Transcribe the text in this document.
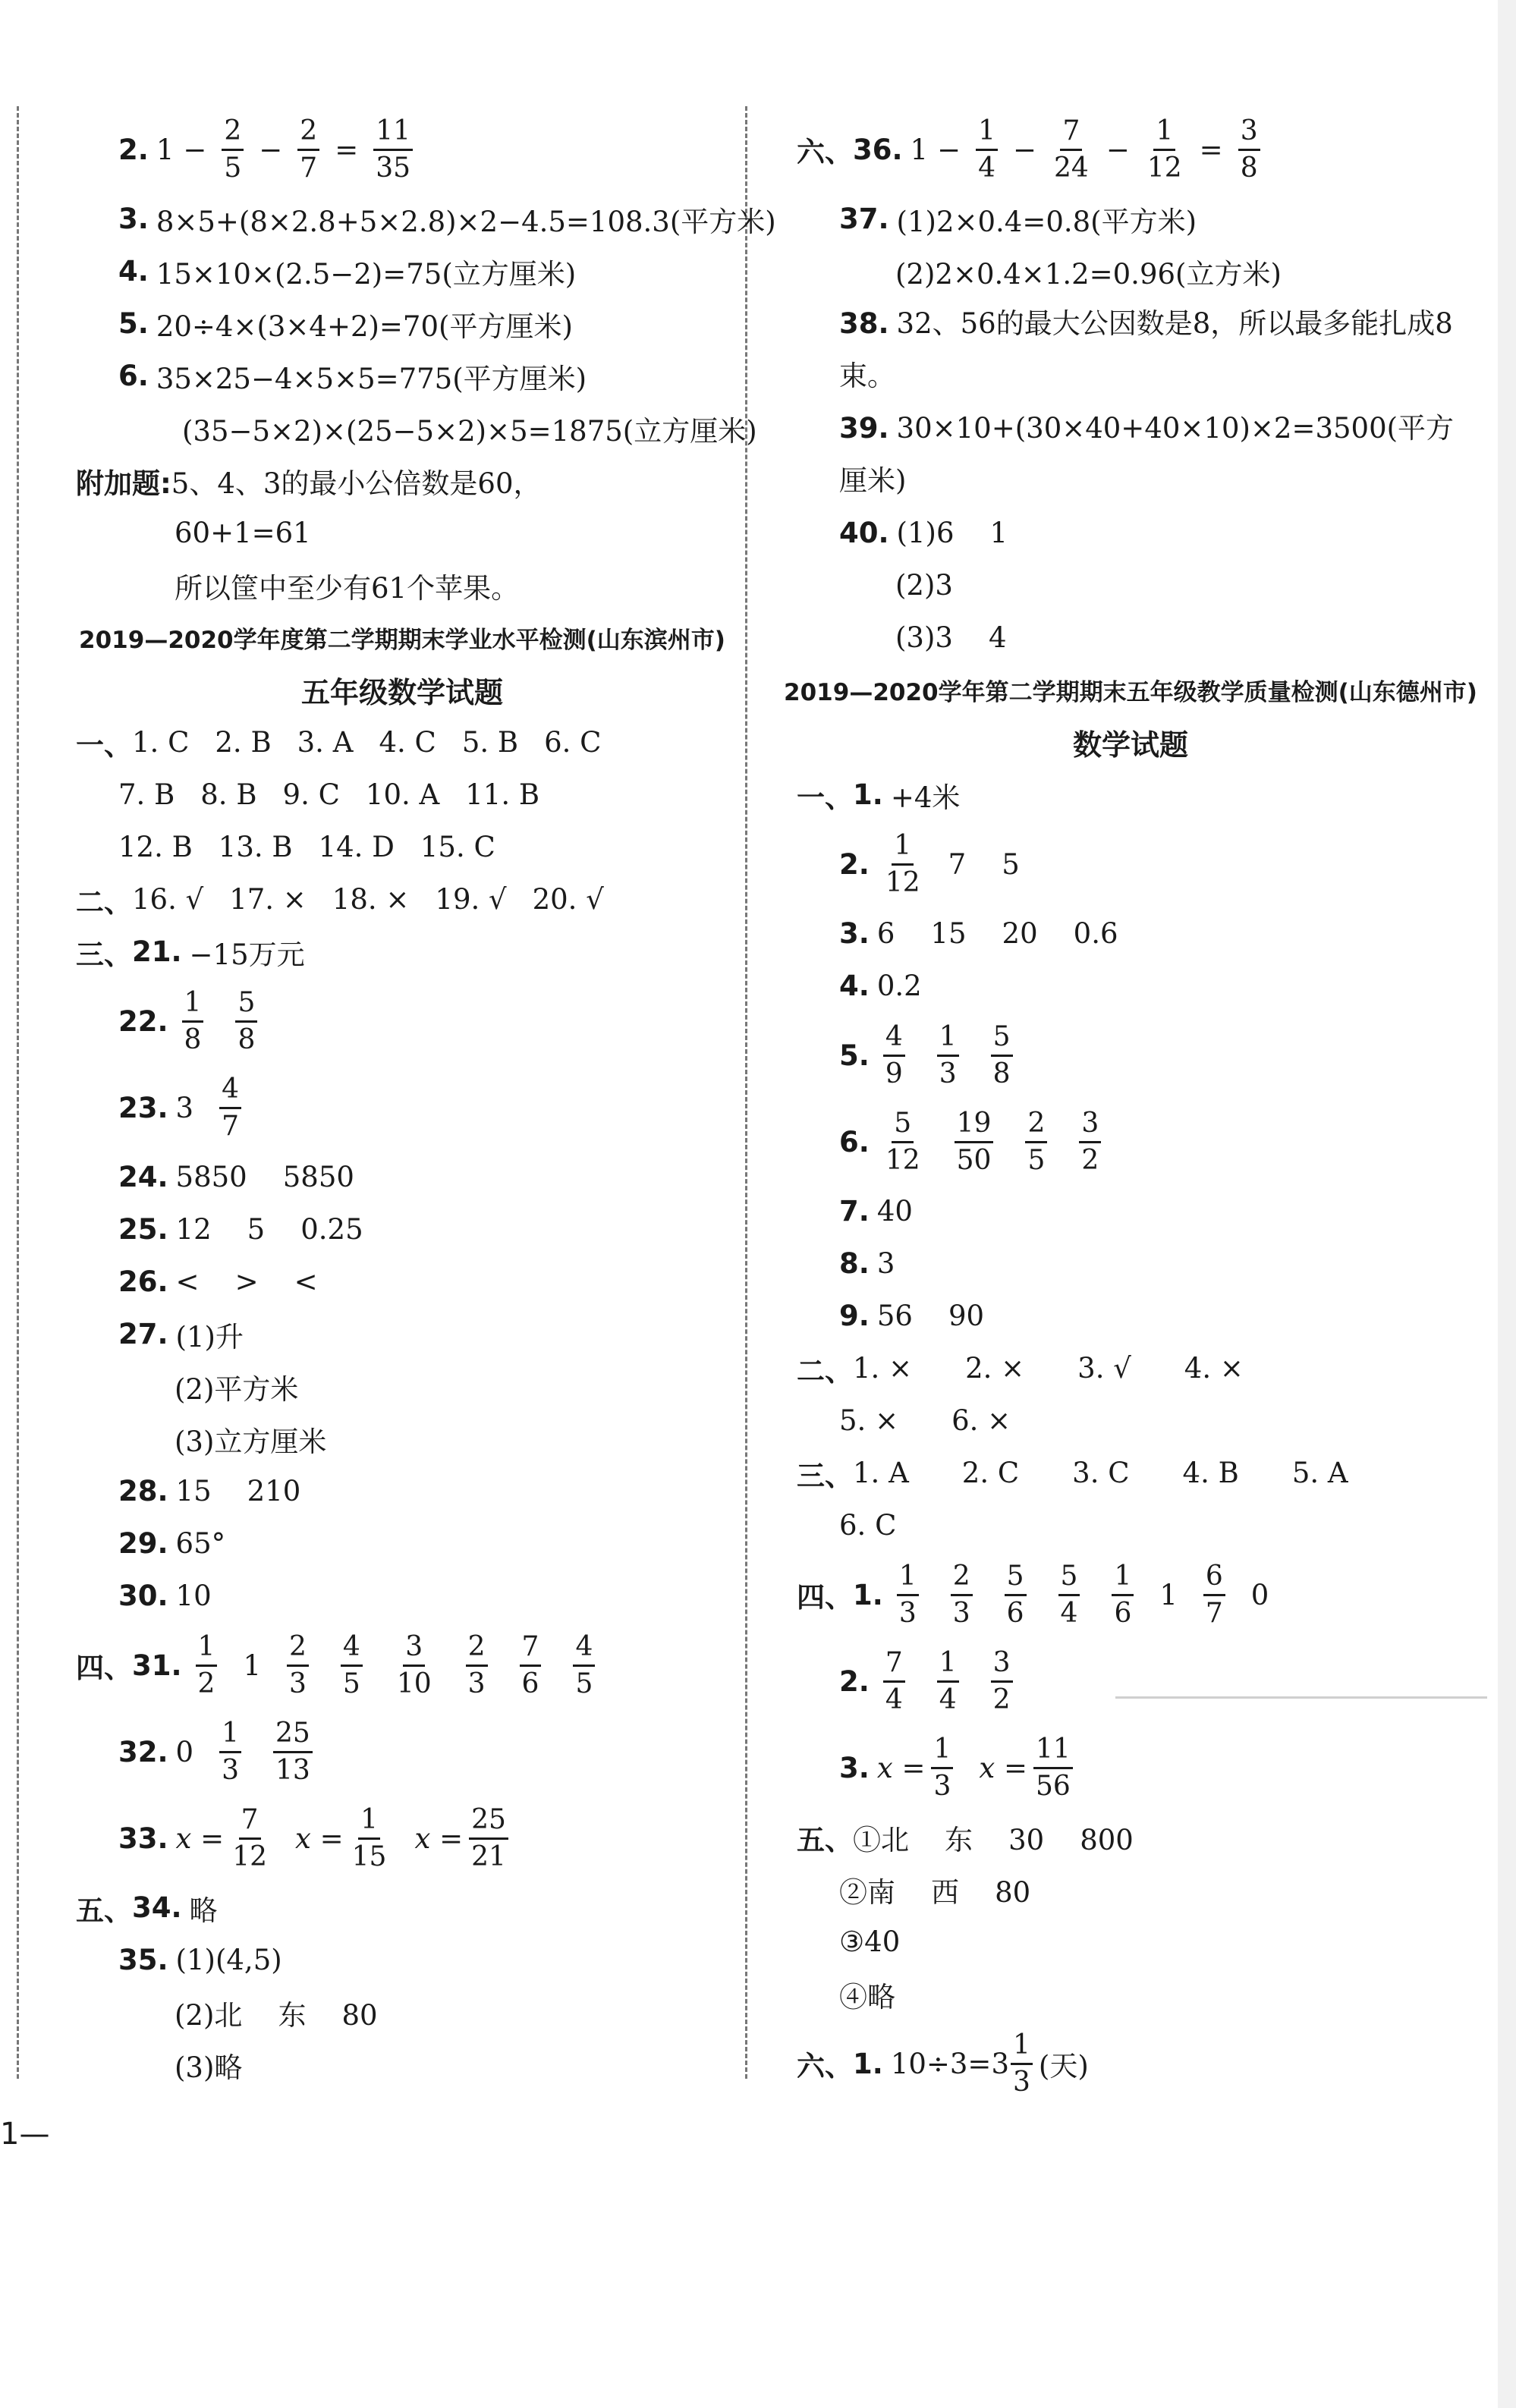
2. $1 - \frac{2}{5} - \frac{2}{7} = \frac{11}{35}$
3. 8×5+(8×2.8+5×2.8)×2−4.5=108.3(平方米)
4. 15×10×(2.5−2)=75(立方厘米)
5. 20÷4×(3×4+2)=70(平方厘米)
6. 35×25−4×5×5=775(平方厘米)
(35−5×2)×(25−5×2)×5=1875(立方厘米)
附加题: 5、4、3的最小公倍数是60，
60+1=61
所以筐中至少有61个苹果。
2019—2020学年度第二学期期末学业水平检测(山东滨州市)
五年级数学试题
一、 1. C 2. B 3. A 4. C 5. B 6. C
7. B 8. B 9. C 10. A 11. B
12. B 13. B 14. D 15. C
二、 16. √ 17. × 18. × 19. √ 20. √
三、 21. −15万元
22.
1
8
5
8
23. 3
4
7
24. 5850    5850
25. 12    5    0.25
26. <    >    <
27. (1)升
(2)平方米
(3)立方厘米
28. 15    210
29. 65°
30. 10
四、 31.
1
2
1
2
3
4
5
3
10
2
3
7
6
4
5
32. 0
1
3
25
13
33. $x = \frac{7}{12}$ $x = \frac{1}{15}$ $x = \frac{25}{21}$
五、 34. 略
35. (1)(4,5)
(2)北    东    80
(3)略
六、 36. $1 - \frac{1}{4} - \frac{7}{24} - \frac{1}{12} = \frac{3}{8}$
37. (1)2×0.4=0.8(平方米)
(2)2×0.4×1.2=0.96(立方米)
38. 32、56的最大公因数是8，所以最多能扎成8束。
39. 30×10+(30×40+40×10)×2=3500(平方厘米)
40. (1)6    1
(2)3
(3)3    4
2019—2020学年第二学期期末五年级教学质量检测(山东德州市)
数学试题
一、 1. +4米
2.
1
12
7    5
3. 6    15    20    0.6
4. 0.2
5.
4
9
1
3
5
8
6.
5
12
19
50
2
5
3
2
7. 40
8. 3
9. 56    90
二、 1. × 2. × 3. √ 4. ×
5. × 6. ×
三、 1. A 2. C 3. C 4. B 5. A
6. C
四、 1.
1
3
2
3
5
6
5
4
1
6
1
6
7
0
2.
7
4
1
4
3
2
3. $x = \frac{1}{3}$ $x = \frac{11}{56}$
五、 ①北    东    30    800
②南    西    80
③40
④略
六、 1. 10÷3=3
1
3 (天)
1—
